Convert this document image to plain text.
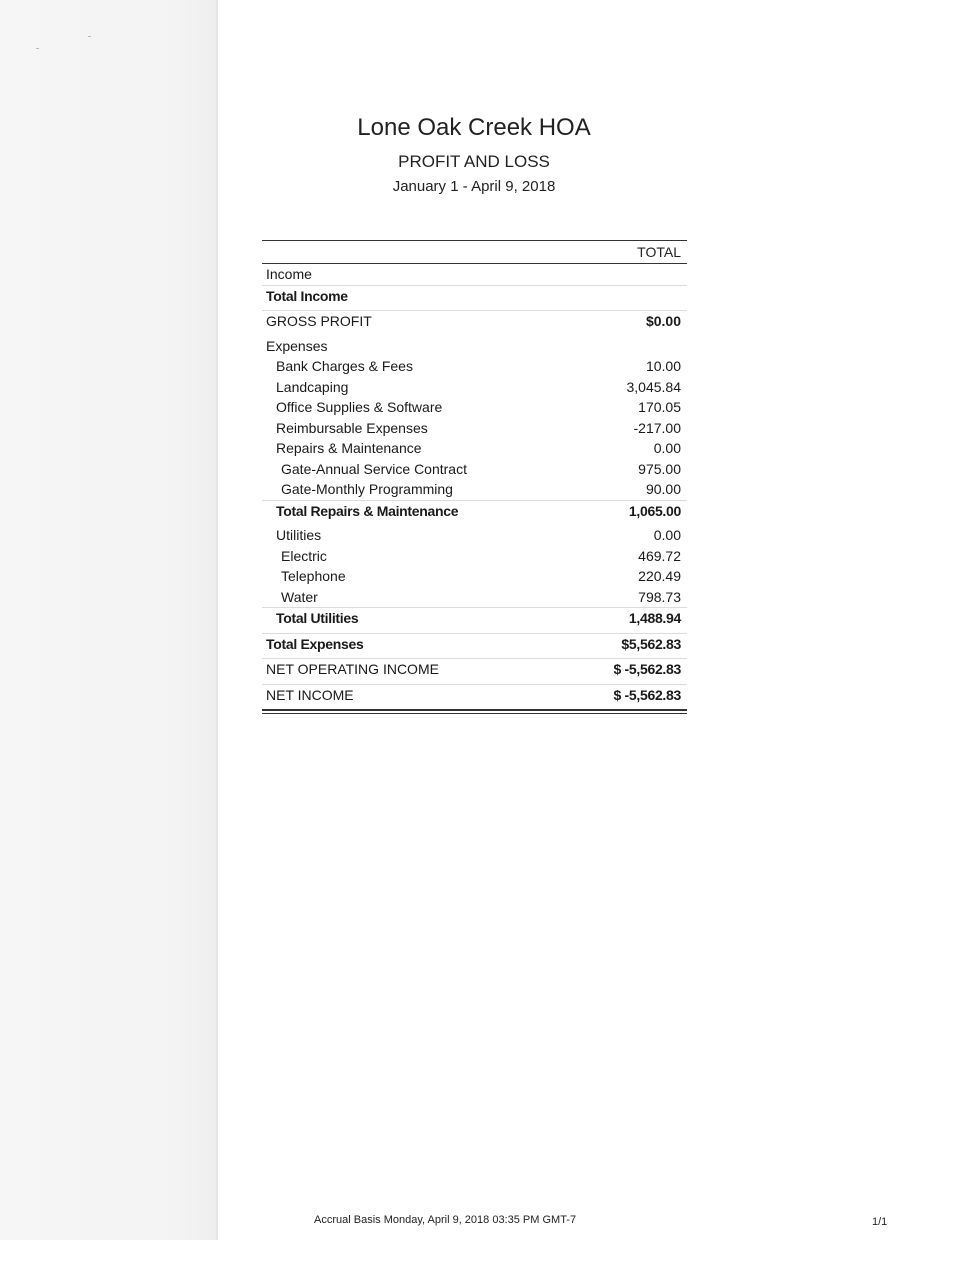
Lone Oak Creek HOA
PROFIT AND LOSS
January 1 - April 9, 2018
TOTAL
Income
Total Income
GROSS PROFIT	$0.00
Expenses
Bank Charges & Fees	10.00
Landcaping	3,045.84
Office Supplies & Software	170.05
Reimbursable Expenses	-217.00
Repairs & Maintenance	0.00
Gate-Annual Service Contract	975.00
Gate-Monthly Programming	90.00
Total Repairs & Maintenance	1,065.00
Utilities	0.00
Electric	469.72
Telephone	220.49
Water	798.73
Total Utilities	1,488.94
Total Expenses	$5,562.83
NET OPERATING INCOME	$ -5,562.83
NET INCOME	$ -5,562.83
Accrual Basis Monday, April 9, 2018 03:35 PM GMT-7	1/1
